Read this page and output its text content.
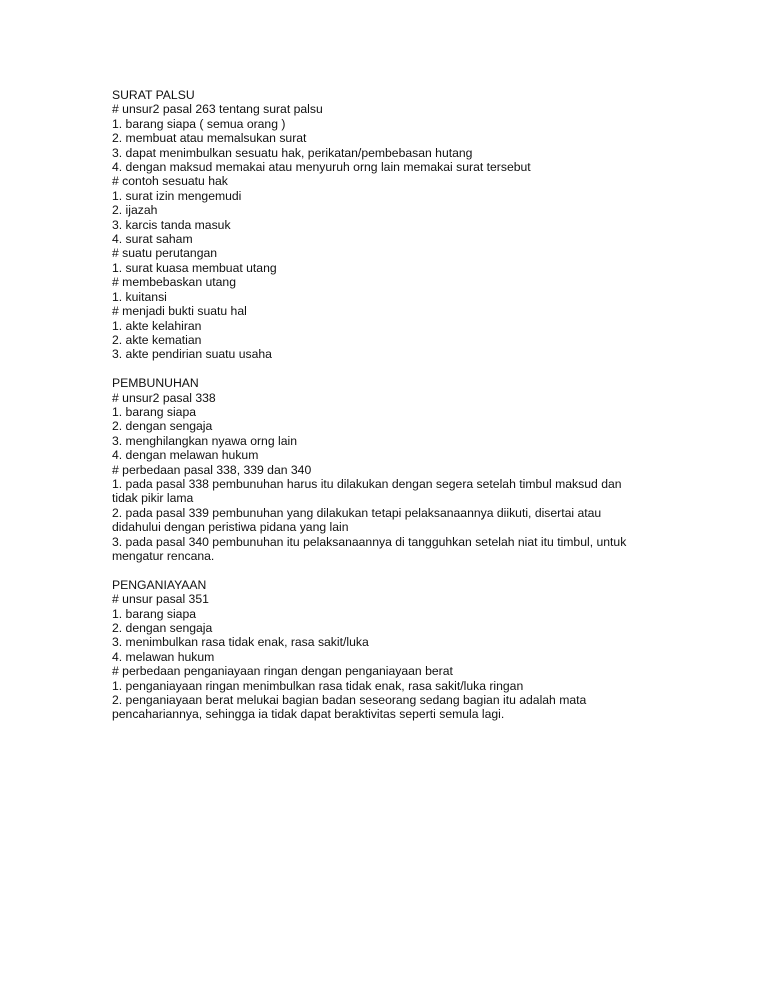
SURAT PALSU

# unsur2 pasal 263 tentang surat palsu

1. barang siapa ( semua orang )

2. membuat atau memalsukan surat

3. dapat menimbulkan sesuatu hak, perikatan/pembebasan hutang

4. dengan maksud memakai atau menyuruh orng lain memakai surat tersebut

# contoh sesuatu hak

1. surat izin mengemudi

2. ijazah

3. karcis tanda masuk

4. surat saham

# suatu perutangan

1. surat kuasa membuat utang

# membebaskan utang

1. kuitansi

# menjadi bukti suatu hal

1. akte kelahiran

2. akte kematian

3. akte pendirian suatu usaha

PEMBUNUHAN

# unsur2 pasal 338

1. barang siapa

2. dengan sengaja

3. menghilangkan nyawa orng lain

4. dengan melawan hukum

# perbedaan pasal 338, 339 dan 340

1. pada pasal 338 pembunuhan harus itu dilakukan dengan segera setelah timbul maksud dan

tidak pikir lama

2. pada pasal 339 pembunuhan yang dilakukan tetapi pelaksanaannya diikuti, disertai atau

didahului dengan peristiwa pidana yang lain

3. pada pasal 340 pembunuhan itu pelaksanaannya di tangguhkan setelah niat itu timbul, untuk

mengatur rencana.

PENGANIAYAAN

# unsur pasal 351

1. barang siapa

2. dengan sengaja

3. menimbulkan rasa tidak enak, rasa sakit/luka

4. melawan hukum

# perbedaan penganiayaan ringan dengan penganiayaan berat

1. penganiayaan ringan menimbulkan rasa tidak enak, rasa sakit/luka ringan

2. penganiayaan berat melukai bagian badan seseorang sedang bagian itu adalah mata

pencahariannya, sehingga ia tidak dapat beraktivitas seperti semula lagi.
